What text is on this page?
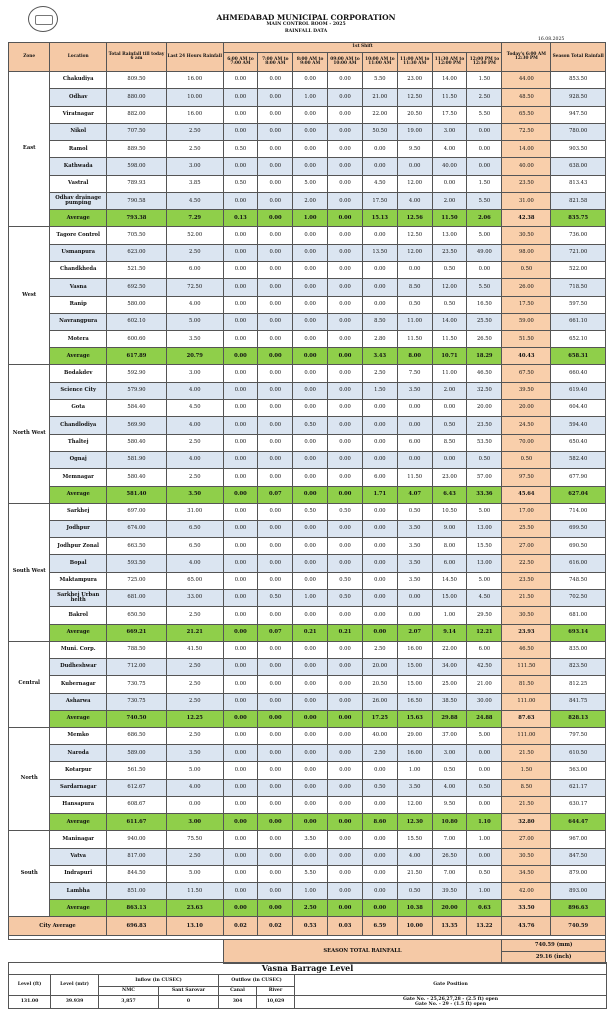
AHMEDABAD MUNICIPAL CORPORATION
MAIN CONTROL ROOM - 2025
RAINFALL DATA
16.08.2025
Zone	Location	Total Rainfall till today 6 am	Last 24 Hours Rainfall	1st Shift								Today's 6:00 AM 12:30 PM	Season Total Rainfall
				6:00 AM to 7:00 AM	7:00 AM to 8:00 AM	8:00 AM to 9:00 AM	09:00 AM to 10:00 AM	10:00 AM to 11:00 AM	11:00 AM to 11:30 AM	11:30 AM to 12:00 PM	12:00 PM to 12:30 PM		
East	Chakudiya	809.50	16.00	0.00	0.00	0.00	0.00	5.50	23.00	14.00	1.50	44.00	853.50
	Odhav	880.00	10.00	0.00	0.00	1.00	0.00	21.00	12.50	11.50	2.50	48.50	928.50
	Viratnagar	882.00	16.00	0.00	0.00	0.00	0.00	22.00	20.50	17.50	5.50	65.50	947.50
	Nikol	707.50	2.50	0.00	0.00	0.00	0.00	50.50	19.00	3.00	0.00	72.50	780.00
	Ramol	889.50	2.50	0.50	0.00	0.00	0.00	0.00	9.50	4.00	0.00	14.00	903.50
	Kathwada	598.00	3.00	0.00	0.00	0.00	0.00	0.00	0.00	40.00	0.00	40.00	638.00
	Vastral	789.93	3.85	0.50	0.00	5.00	0.00	4.50	12.00	0.00	1.50	23.50	813.43
	Odhav drainage pumping	790.58	4.50	0.00	0.00	2.00	0.00	17.50	4.00	2.00	5.50	31.00	821.58
	Average	793.38	7.29	0.13	0.00	1.00	0.00	15.13	12.56	11.50	2.06	42.38	835.75
West	Tagore Control	705.50	52.00	0.00	0.00	0.00	0.00	0.00	12.50	13.00	5.00	30.50	736.00
	Usmanpura	623.00	2.50	0.00	0.00	0.00	0.00	13.50	12.00	23.50	49.00	98.00	721.00
	Chandkheda	521.50	6.00	0.00	0.00	0.00	0.00	0.00	0.00	0.50	0.00	0.50	522.00
	Vasna	692.50	72.50	0.00	0.00	0.00	0.00	0.00	8.50	12.00	5.50	26.00	718.50
	Ranip	580.00	4.00	0.00	0.00	0.00	0.00	0.00	0.50	0.50	16.50	17.50	597.50
	Navrangpura	602.10	5.00	0.00	0.00	0.00	0.00	8.50	11.00	14.00	25.50	59.00	661.10
	Motera	600.60	3.50	0.00	0.00	0.00	0.00	2.80	11.50	11.50	26.50	51.50	652.10
	Average	617.89	20.79	0.00	0.00	0.00	0.00	3.43	8.00	10.71	18.29	40.43	658.31
North West	Bodakdev	592.90	3.00	0.00	0.00	0.00	0.00	2.50	7.50	11.00	46.50	67.50	660.40
	Science City	579.90	4.00	0.00	0.00	0.00	0.00	1.50	3.50	2.00	32.50	39.50	619.40
	Gota	584.40	4.50	0.00	0.00	0.00	0.00	0.00	0.00	0.00	20.00	20.00	604.40
	Chandlodiya	569.90	4.00	0.00	0.00	0.50	0.00	0.00	0.00	0.50	23.50	24.50	594.40
	Thaltej	580.40	2.50	0.00	0.00	0.00	0.00	0.00	6.00	8.50	53.50	70.00	650.40
	Ognaj	581.90	4.00	0.00	0.00	0.00	0.00	0.00	0.00	0.00	0.50	0.50	582.40
	Memnagar	580.40	2.50	0.00	0.00	0.00	0.00	6.00	11.50	23.00	57.00	97.50	677.90
	Average	581.40	3.50	0.00	0.07	0.00	0.00	1.71	4.07	6.43	33.36	45.64	627.04
South West	Sarkhej	697.00	31.00	0.00	0.00	0.50	0.50	0.00	0.50	10.50	5.00	17.00	714.00
	Jodhpur	674.00	6.50	0.00	0.00	0.00	0.00	0.00	3.50	9.00	13.00	25.50	699.50
	Jodhpur Zonal	663.50	6.50	0.00	0.00	0.00	0.00	0.00	3.50	8.00	15.50	27.00	690.50
	Bopal	593.50	4.00	0.00	0.00	0.00	0.00	0.00	3.50	6.00	13.00	22.50	616.00
	Maktampura	725.00	65.00	0.00	0.00	0.00	0.50	0.00	3.50	14.50	5.00	23.50	748.50
	Sarkhej Urban helth	681.00	33.00	0.00	0.50	1.00	0.50	0.00	0.00	15.00	4.50	21.50	702.50
	Bakrol	650.50	2.50	0.00	0.00	0.00	0.00	0.00	0.00	1.00	29.50	30.50	681.00
	Average	669.21	21.21	0.00	0.07	0.21	0.21	0.00	2.07	9.14	12.21	23.93	693.14
Central	Muni. Corp.	788.50	41.50	0.00	0.00	0.00	0.00	2.50	16.00	22.00	6.00	46.50	835.00
	Dudheshwar	712.00	2.50	0.00	0.00	0.00	0.00	20.00	15.00	34.00	42.50	111.50	823.50
	Kubernagar	730.75	2.50	0.00	0.00	0.00	0.00	20.50	15.00	25.00	21.00	81.50	812.25
	Asharwa	730.75	2.50	0.00	0.00	0.00	0.00	26.00	16.50	38.50	30.00	111.00	841.75
	Average	740.50	12.25	0.00	0.00	0.00	0.00	17.25	15.63	29.88	24.88	87.63	828.13
North	Memko	686.50	2.50	0.00	0.00	0.00	0.00	40.00	29.00	37.00	5.00	111.00	797.50
	Naroda	589.00	3.50	0.00	0.00	0.00	0.00	2.50	16.00	3.00	0.00	21.50	610.50
	Kotarpur	561.50	5.00	0.00	0.00	0.00	0.00	0.00	1.00	0.50	0.00	1.50	563.00
	Sardarnagar	612.67	4.00	0.00	0.00	0.00	0.00	0.50	3.50	4.00	0.50	8.50	621.17
	Hansapura	608.67	0.00	0.00	0.00	0.00	0.00	0.00	12.00	9.50	0.00	21.50	630.17
	Average	611.67	3.00	0.00	0.00	0.00	0.00	8.60	12.30	10.80	1.10	32.80	644.47
South	Maninagar	940.00	75.50	0.00	0.00	3.50	0.00	0.00	15.50	7.00	1.00	27.00	967.00
	Vatva	817.00	2.50	0.00	0.00	0.00	0.00	0.00	4.00	26.50	0.00	30.50	847.50
	Indrapuri	844.50	5.00	0.00	0.00	5.50	0.00	0.00	21.50	7.00	0.50	34.50	879.00
	Lambha	851.00	11.50	0.00	0.00	1.00	0.00	0.00	0.50	39.50	1.00	42.00	893.00
	Average	863.13	23.63	0.00	0.00	2.50	0.00	0.00	10.38	20.00	0.63	33.50	896.63
City Average		696.83	13.10	0.02	0.02	0.53	0.03	6.59	10.00	13.35	13.22	43.76	740.59

				SEASON TOTAL RAINFALL								740.59 (mm)	
												29.16 (inch)	
Vasna Barrage Level						
Level (ft)	Level (mtr)	Inflow (in CUSEC)		Outflow (in CUSEC)		Gate Position
		NMC	Sant Sarovar	Canal	River	
131.00	39.939	3,857	0	304	10,029	Gate No. - 25,26,27,28 - (2.5 ft) open
Gate No. - 29 - (1.5 ft) open
